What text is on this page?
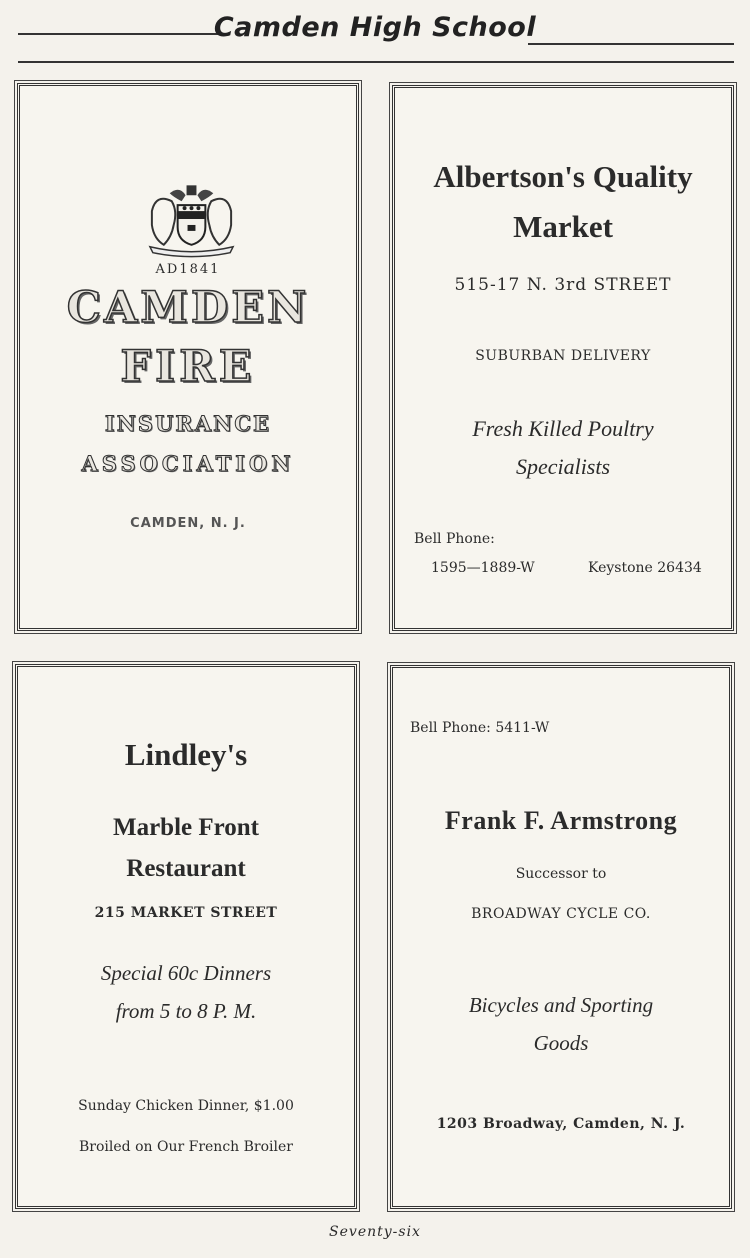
Camden High School
AD1841
CAMDEN
FIRE
INSURANCE
ASSOCIATION
CAMDEN, N. J.
Albertson's Quality Market
515-17 N. 3rd STREET
SUBURBAN DELIVERY
Fresh Killed Poultry Specialists
Bell Phone:
1595—1889-W	Keystone 26434
Lindley's
Marble Front Restaurant
215 MARKET STREET
Special 60c Dinners from 5 to 8 P. M.
Sunday Chicken Dinner, $1.00
Broiled on Our French Broiler
Bell Phone: 5411-W
Frank F. Armstrong
Successor to
BROADWAY CYCLE CO.
Bicycles and Sporting Goods
1203 Broadway, Camden, N. J.
Seventy-six
